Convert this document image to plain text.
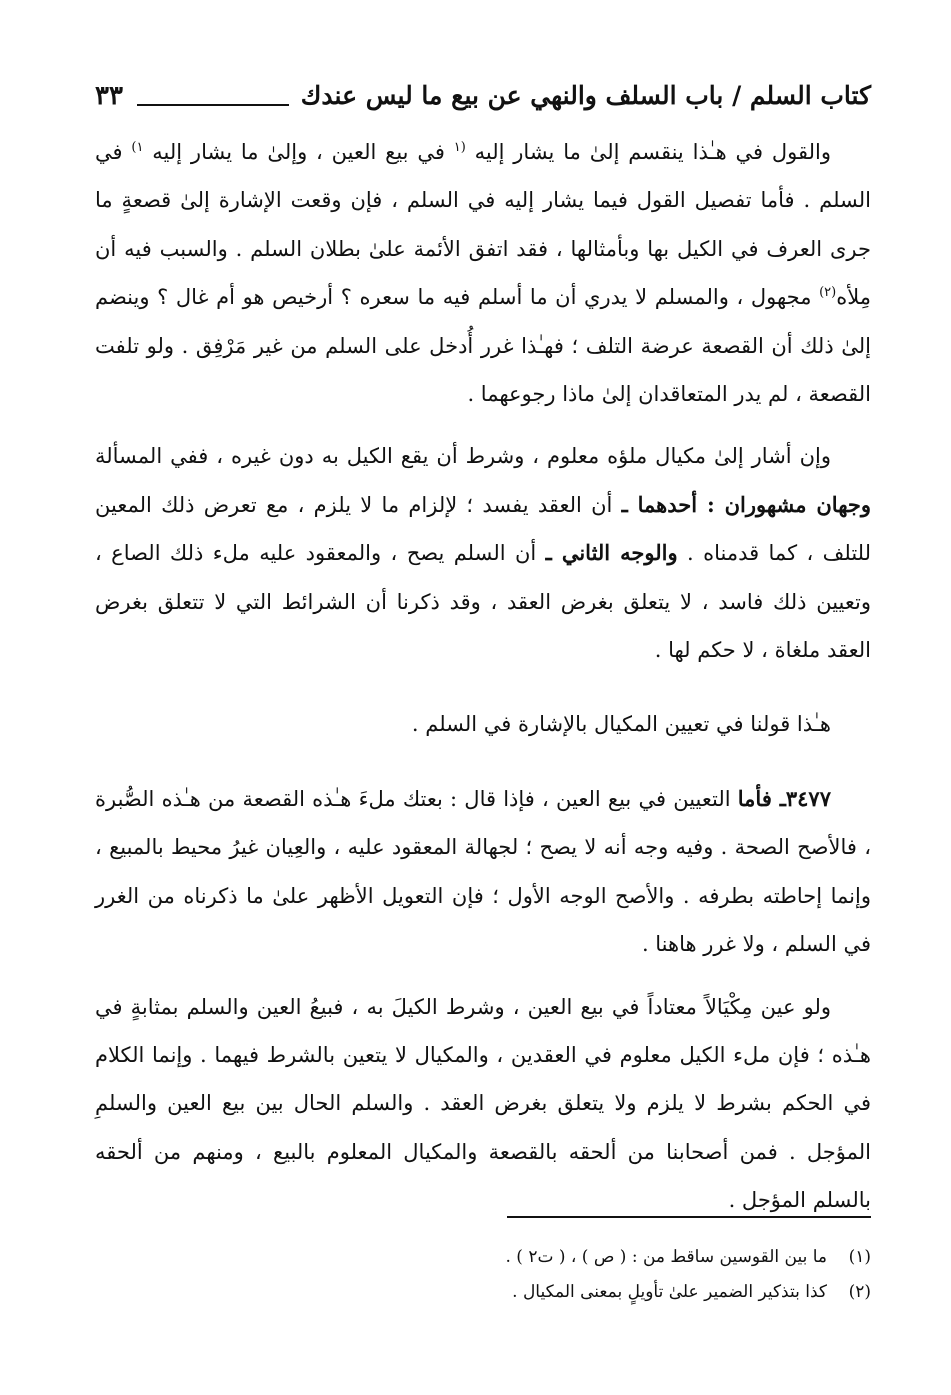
كتاب السلم / باب السلف والنهي عن بيع ما ليس عندك
٣٣

والقول في هـٰذا ينقسم إلىٰ ما يشار إليه $^{(١}$ في بيع العين ، وإلىٰ ما يشار إليه $^{١)}$ في السلم . فأما تفصيل القول فيما يشار إليه في السلم ، فإن وقعت الإشارة إلىٰ قصعةٍ ما جرى العرف في الكيل بها وبأمثالها ، فقد اتفق الأئمة علىٰ بطلان السلم . والسبب فيه أن مِلأه$^{(٢)}$ مجهول ، والمسلم لا يدري أن ما أسلم فيه ما سعره ؟ أرخيص هو أم غال ؟ وينضم إلىٰ ذلك أن القصعة عرضة التلف ؛ فهـٰذا غرر أُدخل على السلم من غير مَرْفِق . ولو تلفت القصعة ، لم يدر المتعاقدان إلىٰ ماذا رجوعهما .

وإن أشار إلىٰ مكيال ملؤه معلوم ، وشرط أن يقع الكيل به دون غيره ، ففي المسألة وجهان مشهوران : أحدهما ـ أن العقد يفسد ؛ لإلزام ما لا يلزم ، مع تعرض ذلك المعين للتلف ، كما قدمناه . والوجه الثاني ـ أن السلم يصح ، والمعقود عليه ملء ذلك الصاع ، وتعيين ذلك فاسد ، لا يتعلق بغرض العقد ، وقد ذكرنا أن الشرائط التي لا تتعلق بغرض العقد ملغاة ، لا حكم لها .

هـٰذا قولنا في تعيين المكيال بالإشارة في السلم .

٣٤٧٧ـ فأما التعيين في بيع العين ، فإذا قال : بعتك ملءَ هـٰذه القصعة من هـٰذه الصُّبرة ، فالأصح الصحة . وفيه وجه أنه لا يصح ؛ لجهالة المعقود عليه ، والعِيان غيرُ محيط بالمبيع ، وإنما إحاطته بطرفه . والأصح الوجه الأول ؛ فإن التعويل الأظهر علىٰ ما ذكرناه من الغرر في السلم ، ولا غرر هاهنا .

ولو عين مِكْيَالاً معتاداً في بيع العين ، وشرط الكيلَ به ، فبيعُ العين والسلم بمثابةٍ في هـٰذه ؛ فإن ملء الكيل معلوم في العقدين ، والمكيال لا يتعين بالشرط فيهما . وإنما الكلام في الحكم بشرط لا يلزم ولا يتعلق بغرض العقد . والسلم الحال بين بيع العين والسلمِ المؤجل . فمن أصحابنا من ألحقه بالقصعة والمكيال المعلوم بالبيع ، ومنهم من ألحقه بالسلم المؤجل .

(١)
ما بين القوسين ساقط من : ( ص ) ، ( ت٢ ) .
(٢)
كذا بتذكير الضمير علىٰ تأويلٍ بمعنى المكيال .
